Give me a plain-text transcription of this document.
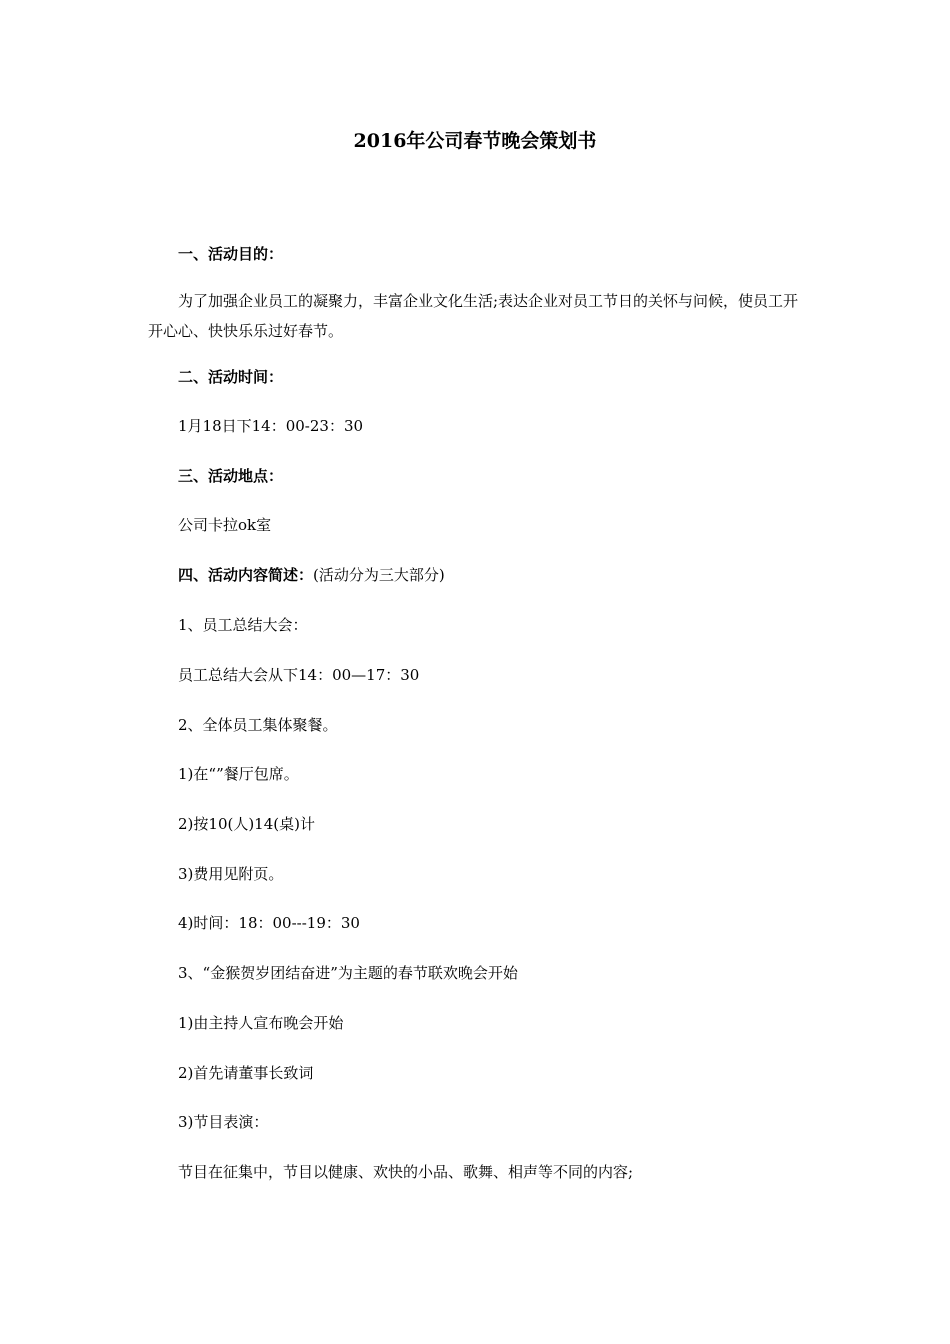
2016年公司春节晚会策划书
一、活动目的：
为了加强企业员工的凝聚力，丰富企业文化生活;表达企业对员工节日的关怀与问候，使员工开开心心、快快乐乐过好春节。
二、活动时间：
1月18日下14：00-23：30
三、活动地点：
公司卡拉ok室
四、活动内容简述：(活动分为三大部分)
1、员工总结大会：
员工总结大会从下14：00—17：30
2、全体员工集体聚餐。
1)在“”餐厅包席。
2)按10(人)14(桌)计
3)费用见附页。
4)时间：18：00---19：30
3、“金猴贺岁团结奋进”为主题的春节联欢晚会开始
1)由主持人宣布晚会开始
2)首先请董事长致词
3)节目表演：
节目在征集中，节目以健康、欢快的小品、歌舞、相声等不同的内容;
